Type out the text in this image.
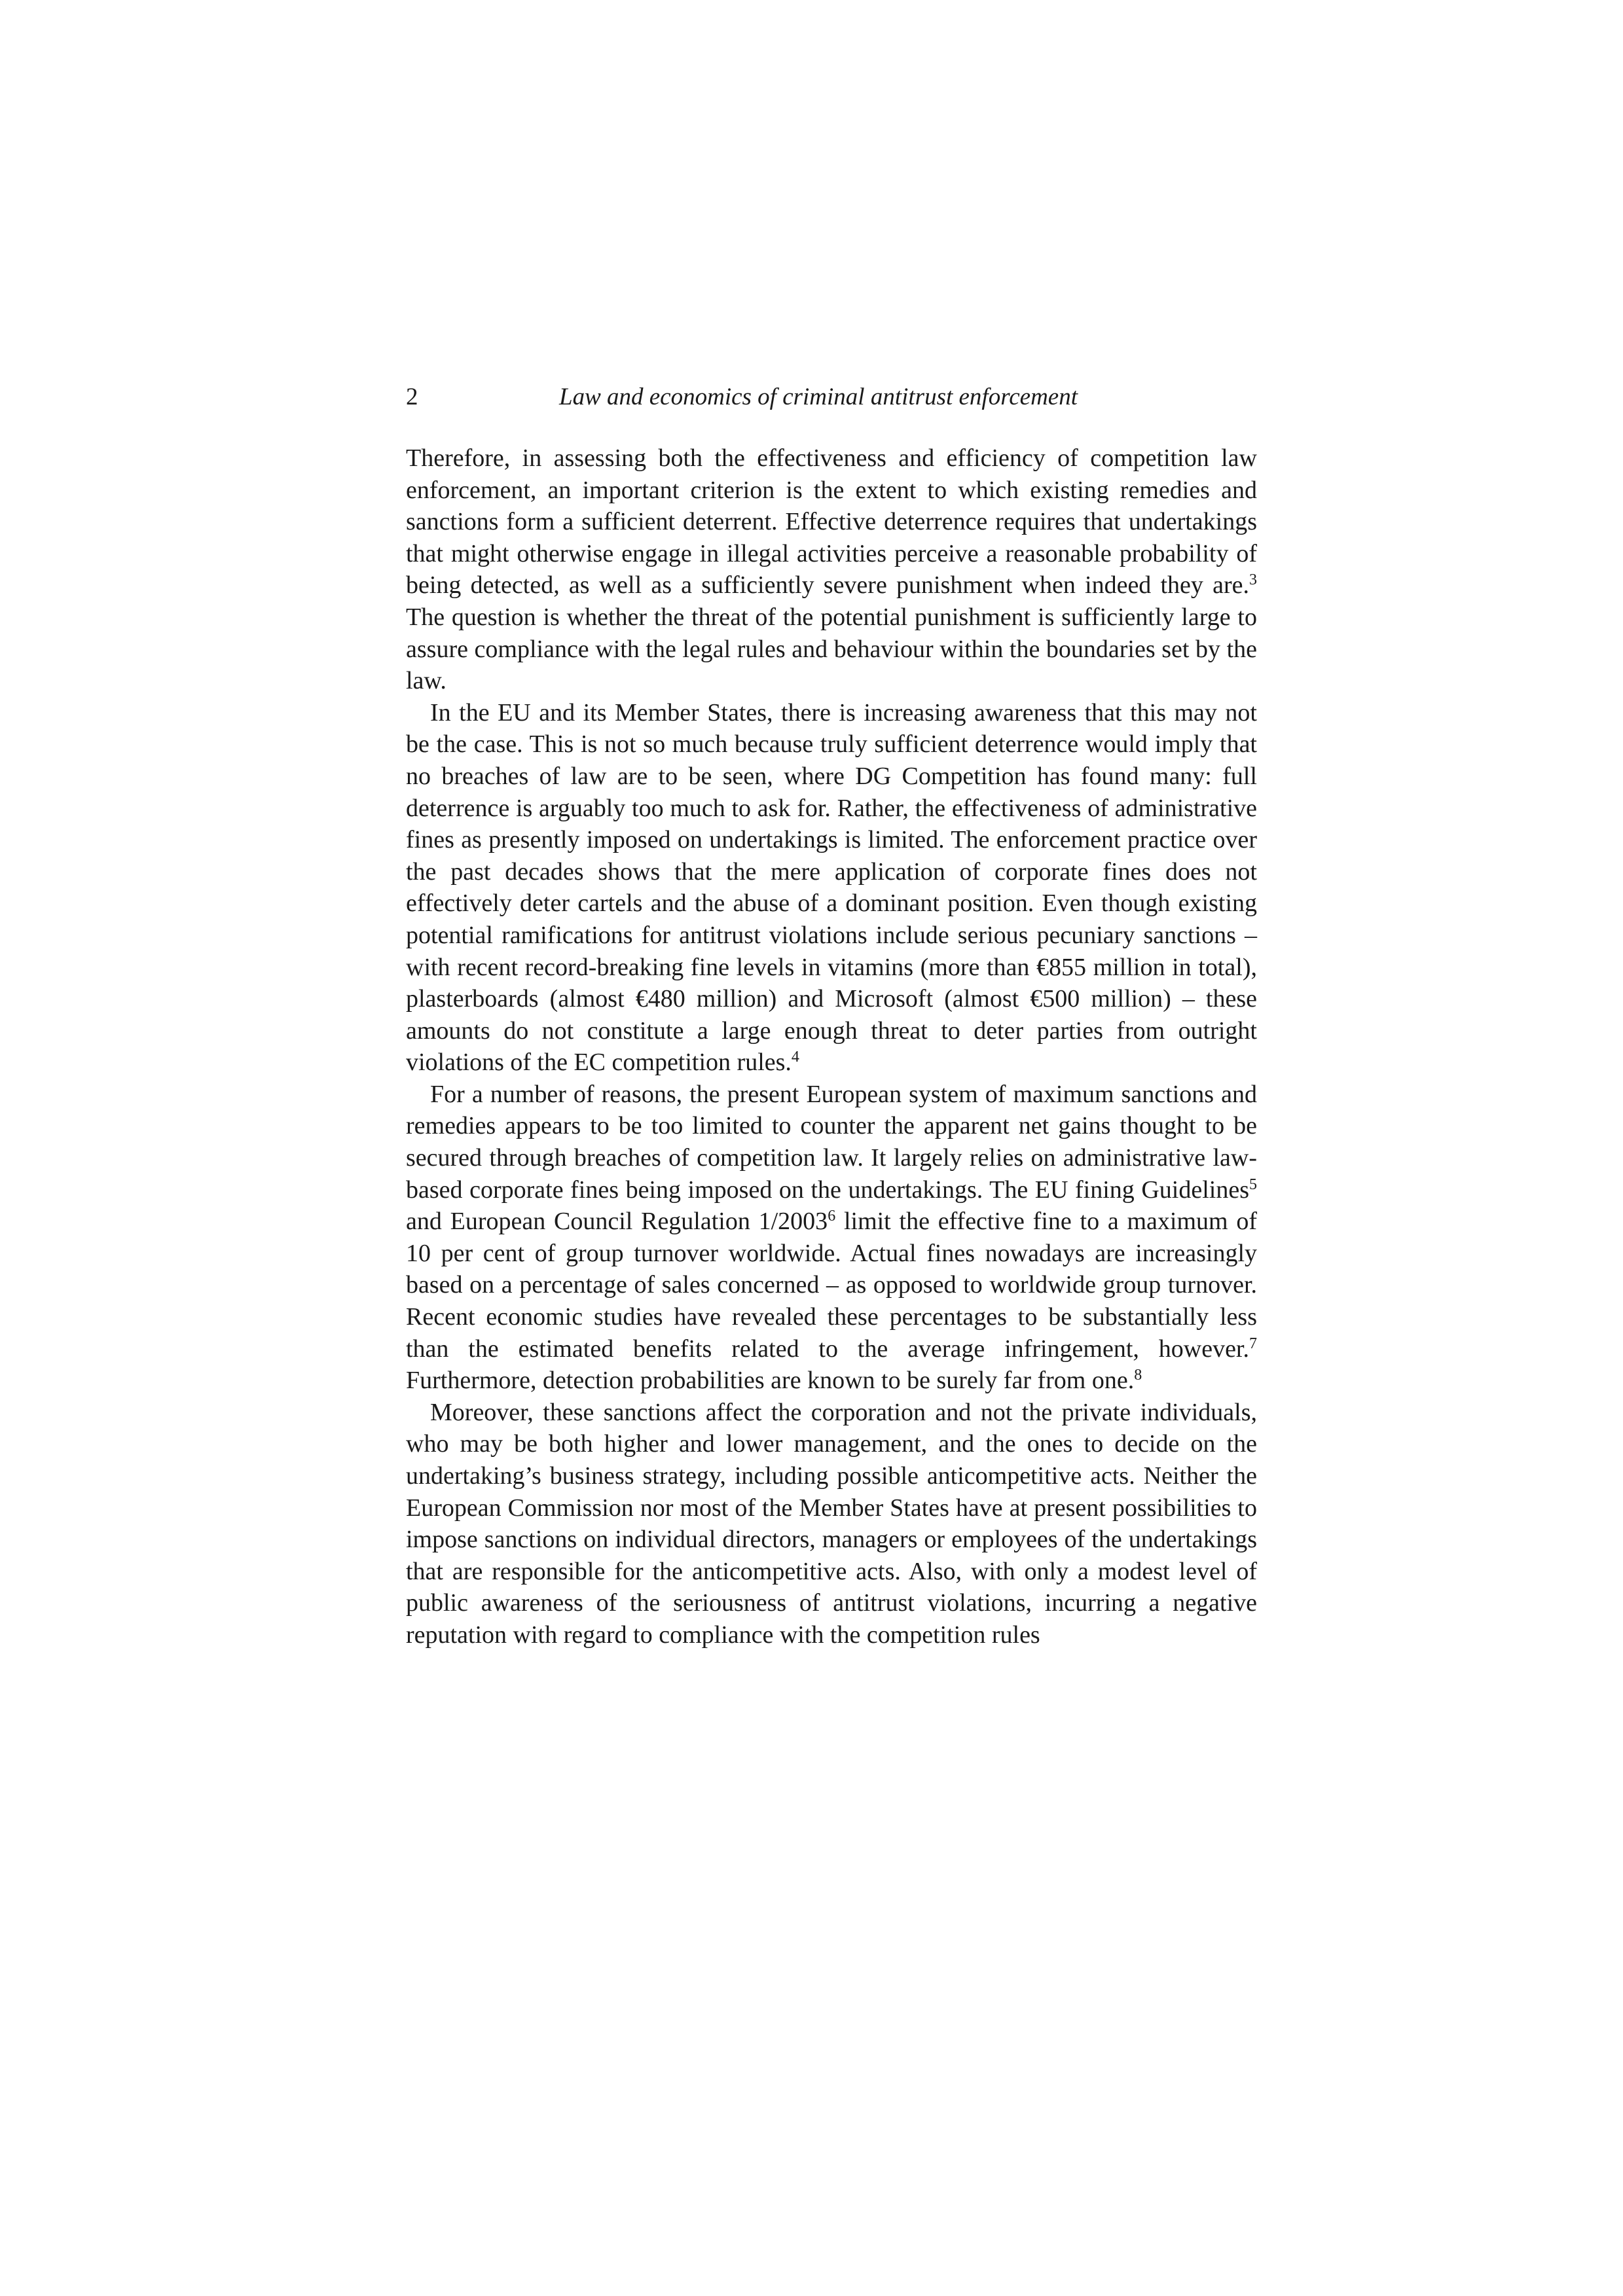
2	Law and economics of criminal antitrust enforcement

Therefore, in assessing both the effectiveness and efficiency of competition law enforcement, an important criterion is the extent to which existing remedies and sanctions form a sufficient deterrent. Effective deterrence requires that undertakings that might otherwise engage in illegal activities perceive a reasonable probability of being detected, as well as a sufficiently severe punishment when indeed they are.$^3$ The question is whether the threat of the potential punishment is sufficiently large to assure compliance with the legal rules and behaviour within the boundaries set by the law.

In the EU and its Member States, there is increasing awareness that this may not be the case. This is not so much because truly sufficient deterrence would imply that no breaches of law are to be seen, where DG Competition has found many: full deterrence is arguably too much to ask for. Rather, the effectiveness of administrative fines as presently imposed on undertakings is limited. The enforcement practice over the past decades shows that the mere application of corporate fines does not effectively deter cartels and the abuse of a dominant position. Even though existing potential ramifications for antitrust violations include serious pecuniary sanctions – with recent record-breaking fine levels in vitamins (more than €855 million in total), plasterboards (almost €480 million) and Microsoft (almost €500 million) – these amounts do not constitute a large enough threat to deter parties from outright violations of the EC competition rules.$^4$

For a number of reasons, the present European system of maximum sanctions and remedies appears to be too limited to counter the apparent net gains thought to be secured through breaches of competition law. It largely relies on administrative law-based corporate fines being imposed on the undertakings. The EU fining Guidelines$^5$ and European Council Regulation 1/2003$^6$ limit the effective fine to a maximum of 10 per cent of group turnover worldwide. Actual fines nowadays are increasingly based on a percentage of sales concerned – as opposed to worldwide group turnover. Recent economic studies have revealed these percentages to be substantially less than the estimated benefits related to the average infringement, however.$^7$ Furthermore, detection probabilities are known to be surely far from one.$^8$

Moreover, these sanctions affect the corporation and not the private individuals, who may be both higher and lower management, and the ones to decide on the undertaking’s business strategy, including possible anticompetitive acts. Neither the European Commission nor most of the Member States have at present possibilities to impose sanctions on individual directors, managers or employees of the undertakings that are responsible for the anticompetitive acts. Also, with only a modest level of public awareness of the seriousness of antitrust violations, incurring a negative reputation with regard to compliance with the competition rules
